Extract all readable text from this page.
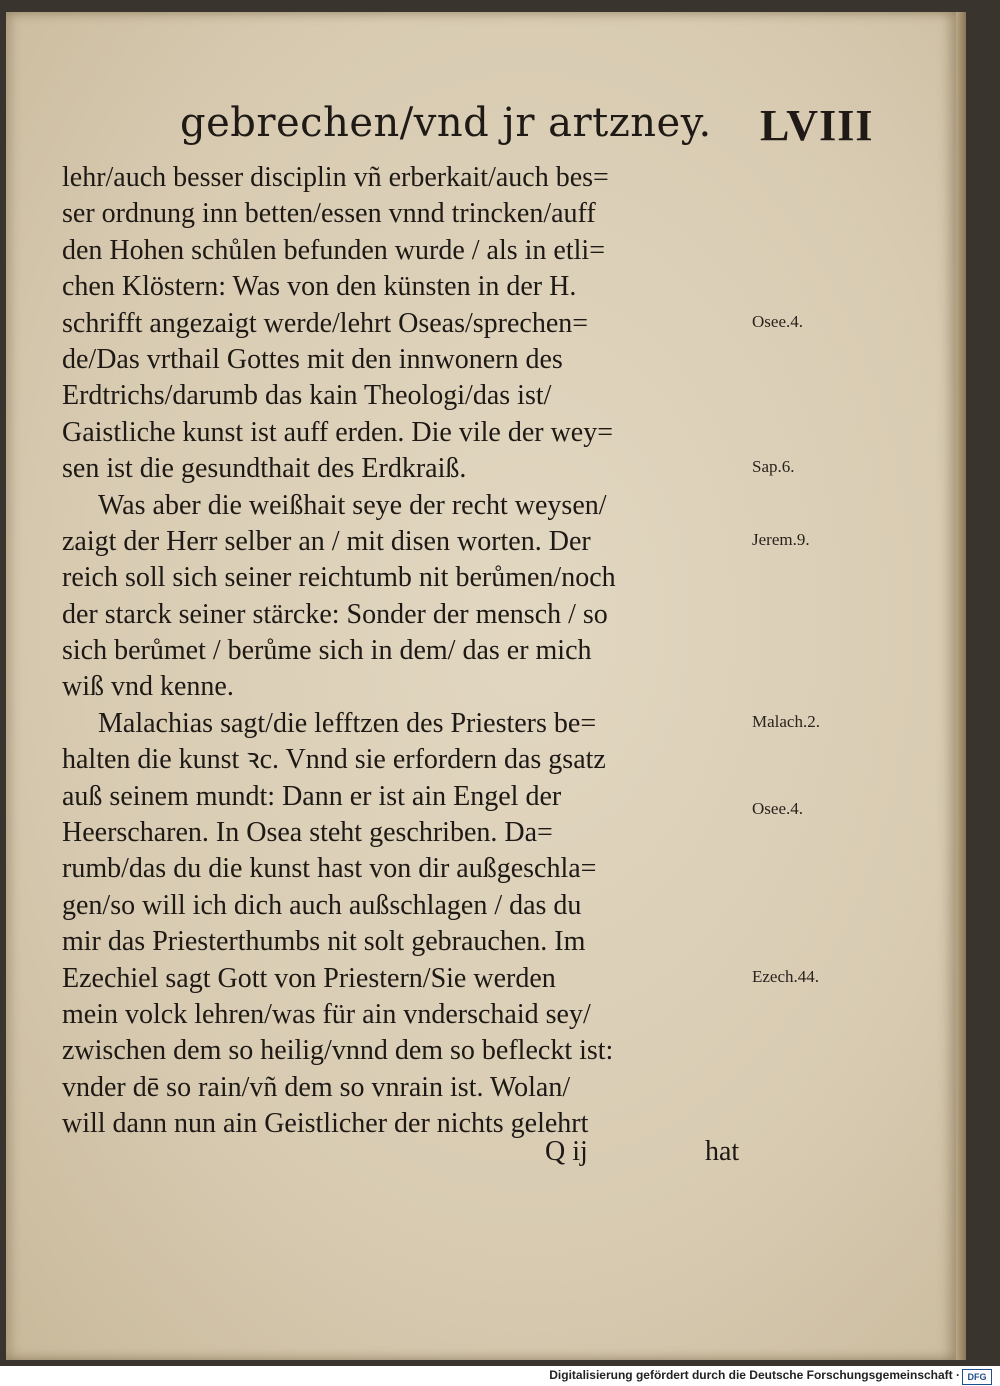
gebrechen/vnd jr artzney. LVIII
lehr/auch besser disciplin vñ erberkait/auch bes=
ser ordnung inn betten/essen vnnd trincken/auff
den Hohen schůlen befunden wurde / als in etli=
chen Klöstern: Was von den künsten in der H.
schrifft angezaigt werde/lehrt Oseas/sprechen=
de/Das vrthail Gottes mit den innwonern des
Erdtrichs/darumb das kain Theologi/das ist/
Gaistliche kunst ist auff erden. Die vile der wey=
sen ist die gesundthait des Erdkraiß.
Was aber die weißhait seye der recht weysen/
zaigt der Herr selber an / mit disen worten. Der
reich soll sich seiner reichtumb nit berůmen/noch
der starck seiner stärcke: Sonder der mensch / so
sich berůmet / berůme sich in dem/ das er mich
wiß vnd kenne.
Malachias sagt/die lefftzen des Priesters be=
halten die kunst ꝛc. Vnnd sie erfordern das gsatz
auß seinem mundt: Dann er ist ain Engel der
Heerscharen. In Osea steht geschriben. Da=
rumb/das du die kunst hast von dir außgeschla=
gen/so will ich dich auch außschlagen / das du
mir das Priesterthumbs nit solt gebrauchen. Im
Ezechiel sagt Gott von Priestern/Sie werden
mein volck lehren/was für ain vnderschaid sey/
zwischen dem so heilig/vnnd dem so befleckt ist:
vnder dē so rain/vñ dem so vnrain ist. Wolan/
will dann nun ain Geistlicher der nichts gelehrt
Osee.4.
Sap.6.
Jerem.9.
Malach.2.
Osee.4.
Ezech.44.
Q ij	hat
Digitalisierung gefördert durch die Deutsche Forschungsgemeinschaft · DFG
